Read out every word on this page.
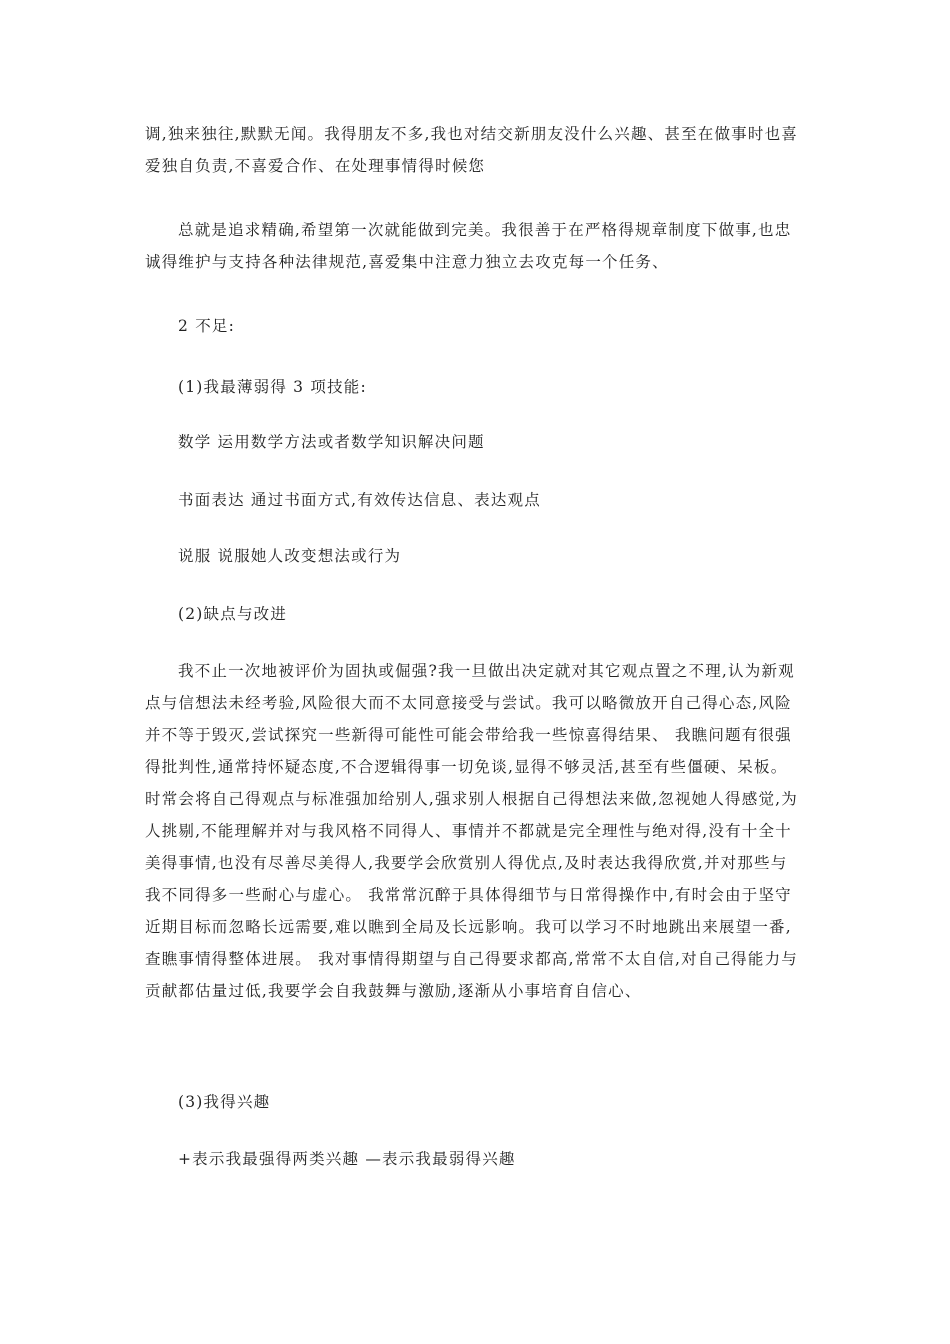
调,独来独往,默默无闻。我得朋友不多,我也对结交新朋友没什么兴趣、甚至在做事时也喜
爱独自负责,不喜爱合作、在处理事情得时候您

总就是追求精确,希望第一次就能做到完美。我很善于在严格得规章制度下做事,也忠
诚得维护与支持各种法律规范,喜爱集中注意力独立去攻克每一个任务、

2 不足:

(1)我最薄弱得 3 项技能:

数学 运用数学方法或者数学知识解决问题

书面表达 通过书面方式,有效传达信息、表达观点

说服 说服她人改变想法或行为

(2)缺点与改进

我不止一次地被评价为固执或倔强?我一旦做出决定就对其它观点置之不理,认为新观
点与信想法未经考验,风险很大而不太同意接受与尝试。我可以略微放开自己得心态,风险
并不等于毁灭,尝试探究一些新得可能性可能会带给我一些惊喜得结果、 我瞧问题有很强
得批判性,通常持怀疑态度,不合逻辑得事一切免谈,显得不够灵活,甚至有些僵硬、呆板。
时常会将自己得观点与标准强加给别人,强求别人根据自己得想法来做,忽视她人得感觉,为
人挑剔,不能理解并对与我风格不同得人、事情并不都就是完全理性与绝对得,没有十全十
美得事情,也没有尽善尽美得人,我要学会欣赏别人得优点,及时表达我得欣赏,并对那些与
我不同得多一些耐心与虚心。 我常常沉醉于具体得细节与日常得操作中,有时会由于坚守
近期目标而忽略长远需要,难以瞧到全局及长远影响。我可以学习不时地跳出来展望一番,
查瞧事情得整体进展。 我对事情得期望与自己得要求都高,常常不太自信,对自己得能力与
贡献都估量过低,我要学会自我鼓舞与激励,逐渐从小事培育自信心、

(3)我得兴趣

+表示我最强得两类兴趣 —表示我最弱得兴趣
